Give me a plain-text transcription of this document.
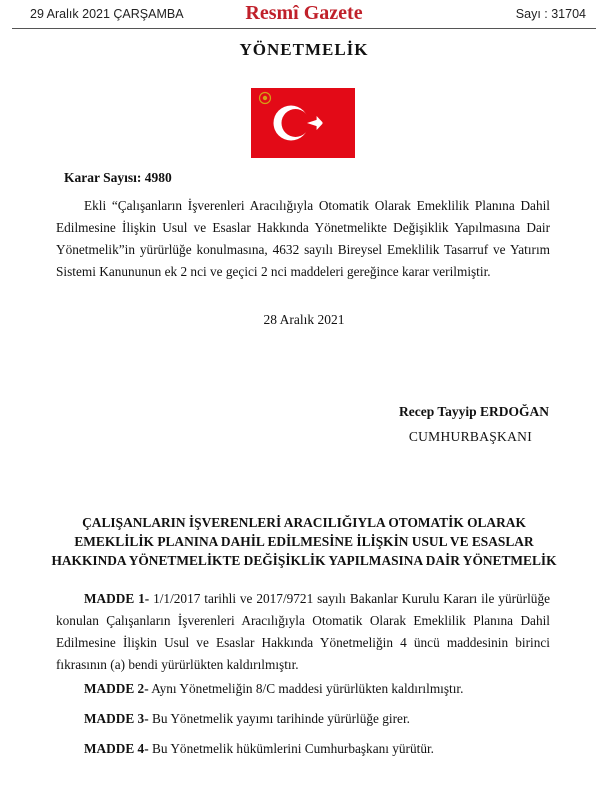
29 Aralık 2021 ÇARŞAMBA	Resmî Gazete	Sayı : 31704
YÖNETMELİK
Karar Sayısı: 4980
Ekli “Çalışanların İşverenleri Aracılığıyla Otomatik Olarak Emeklilik Planına Dahil Edilmesine İlişkin Usul ve Esaslar Hakkında Yönetmelikte Değişiklik Yapılmasına Dair Yönetmelik”in yürürlüğe konulmasına, 4632 sayılı Bireysel Emeklilik Tasarruf ve Yatırım Sistemi Kanununun ek 2 nci ve geçici 2 nci maddeleri gereğince karar verilmiştir.
28 Aralık 2021
Recep Tayyip ERDOĞAN
CUMHURBAŞKANI
ÇALIŞANLARIN İŞVERENLERİ ARACILIĞIYLA OTOMATİK OLARAK
EMEKLİLİK PLANINA DAHİL EDİLMESİNE İLİŞKİN USUL VE ESASLAR
HAKKINDA YÖNETMELİKTE DEĞİŞİKLİK YAPILMASINA DAİR YÖNETMELİK
MADDE 1- 1/1/2017 tarihli ve 2017/9721 sayılı Bakanlar Kurulu Kararı ile yürürlüğe konulan Çalışanların İşverenleri Aracılığıyla Otomatik Olarak Emeklilik Planına Dahil Edilmesine İlişkin Usul ve Esaslar Hakkında Yönetmeliğin 4 üncü maddesinin birinci fıkrasının (a) bendi yürürlükten kaldırılmıştır.
MADDE 2- Aynı Yönetmeliğin 8/C maddesi yürürlükten kaldırılmıştır.
MADDE 3- Bu Yönetmelik yayımı tarihinde yürürlüğe girer.
MADDE 4- Bu Yönetmelik hükümlerini Cumhurbaşkanı yürütür.
